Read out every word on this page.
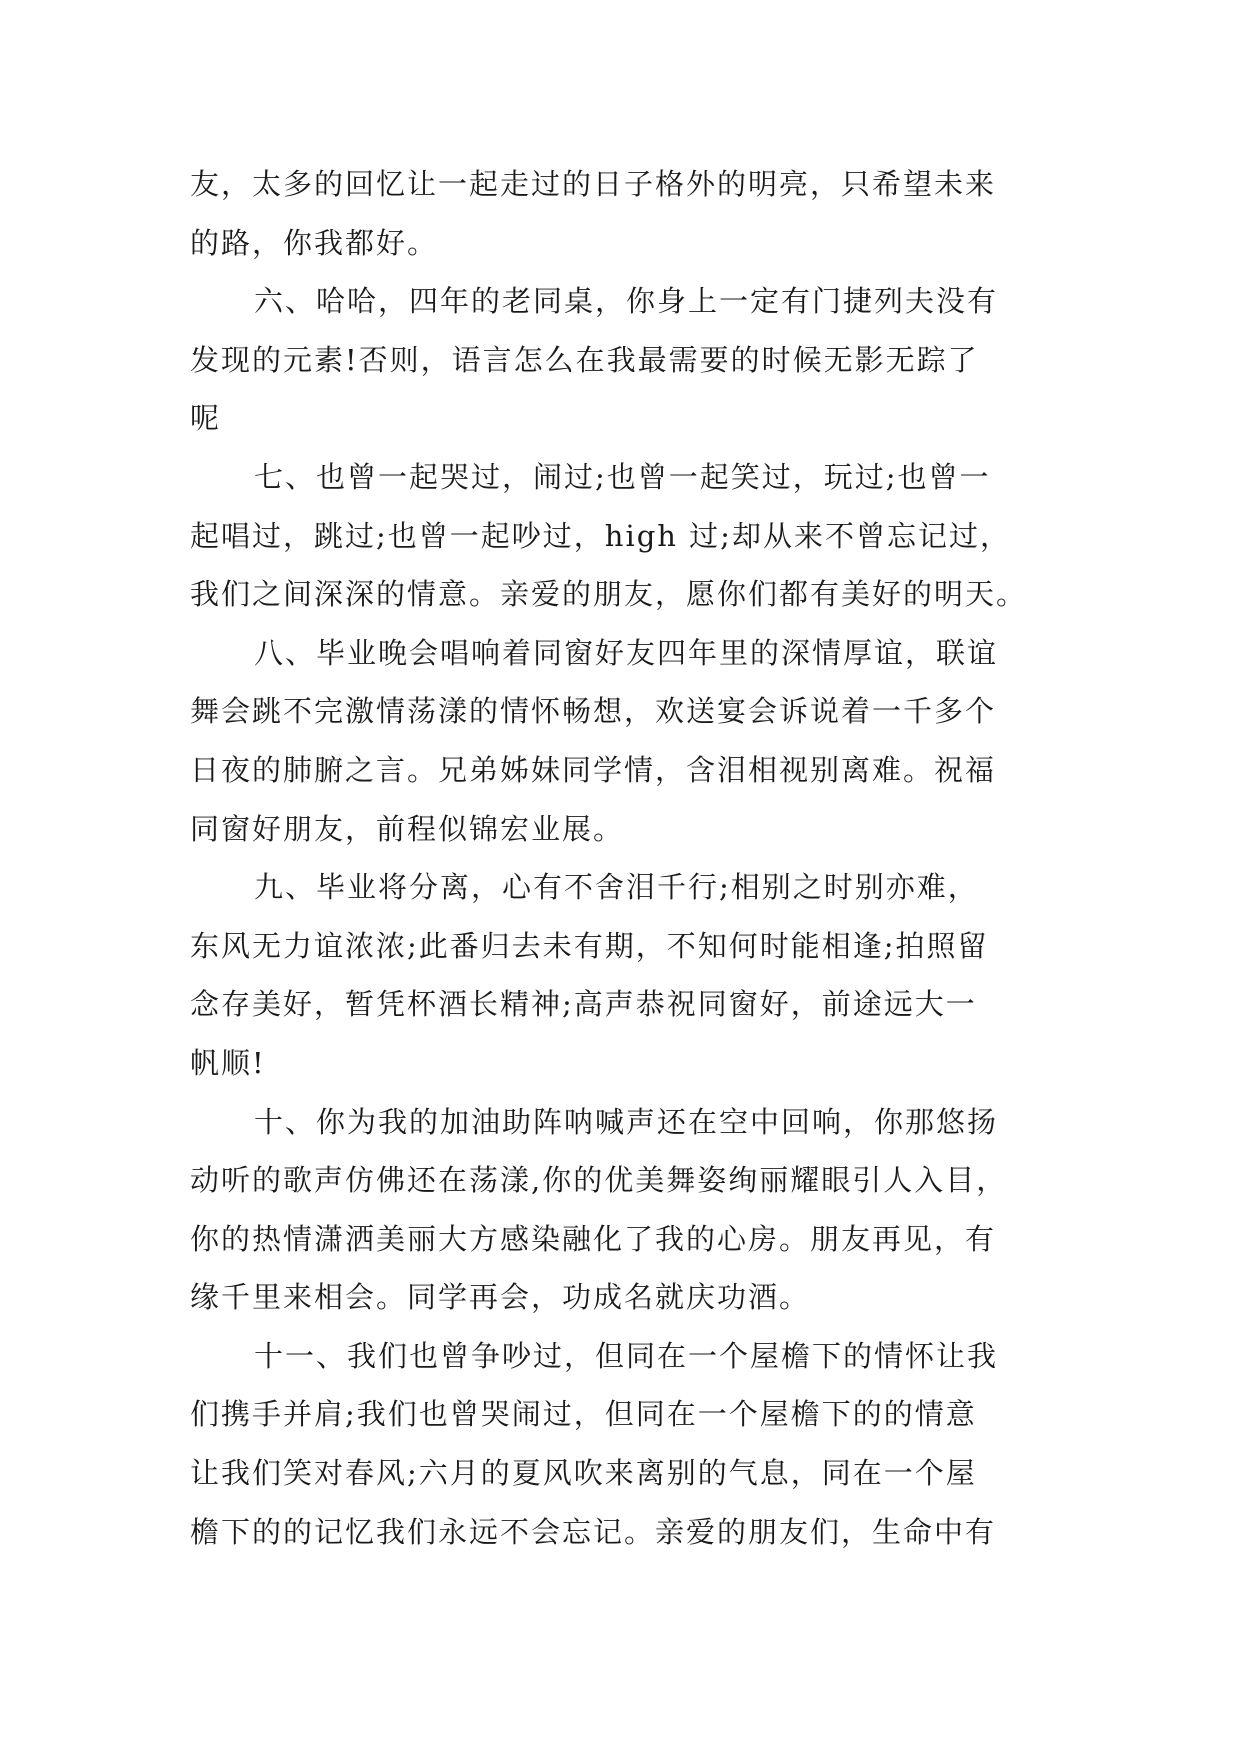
友，太多的回忆让一起走过的日子格外的明亮，只希望未来
的路，你我都好。
六、哈哈，四年的老同桌，你身上一定有门捷列夫没有
发现的元素!否则，语言怎么在我最需要的时候无影无踪了
呢
七、也曾一起哭过，闹过;也曾一起笑过，玩过;也曾一
起唱过，跳过;也曾一起吵过，high 过;却从来不曾忘记过，
我们之间深深的情意。亲爱的朋友，愿你们都有美好的明天。
八、毕业晚会唱响着同窗好友四年里的深情厚谊，联谊
舞会跳不完激情荡漾的情怀畅想，欢送宴会诉说着一千多个
日夜的肺腑之言。兄弟姊妹同学情，含泪相视别离难。祝福
同窗好朋友，前程似锦宏业展。
九、毕业将分离，心有不舍泪千行;相别之时别亦难，
东风无力谊浓浓;此番归去未有期，不知何时能相逢;拍照留
念存美好，暂凭杯酒长精神;高声恭祝同窗好，前途远大一
帆顺!
十、你为我的加油助阵呐喊声还在空中回响，你那悠扬
动听的歌声仿佛还在荡漾,你的优美舞姿绚丽耀眼引人入目，
你的热情潇洒美丽大方感染融化了我的心房。朋友再见，有
缘千里来相会。同学再会，功成名就庆功酒。
十一、我们也曾争吵过，但同在一个屋檐下的情怀让我
们携手并肩;我们也曾哭闹过，但同在一个屋檐下的的情意
让我们笑对春风;六月的夏风吹来离别的气息，同在一个屋
檐下的的记忆我们永远不会忘记。亲爱的朋友们，生命中有
